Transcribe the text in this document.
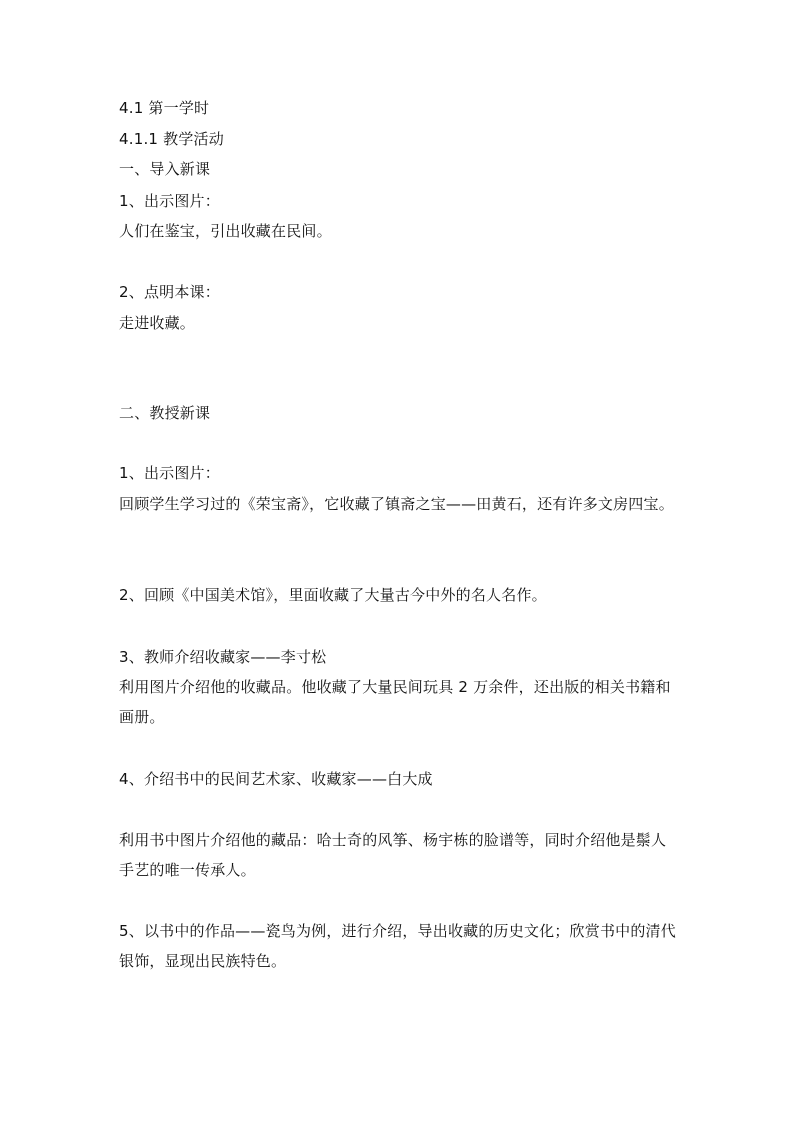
4.1 第一学时
4.1.1 教学活动
一、导入新课
1、出示图片：
人们在鉴宝，引出收藏在民间。
2、点明本课：
走进收藏。
二、教授新课
1、出示图片：
回顾学生学习过的《荣宝斋》，它收藏了镇斋之宝——田黄石，还有许多文房四宝。
2、回顾《中国美术馆》，里面收藏了大量古今中外的名人名作。
3、教师介绍收藏家——李寸松
利用图片介绍他的收藏品。他收藏了大量民间玩具 2 万余件，还出版的相关书籍和画册。
4、介绍书中的民间艺术家、收藏家——白大成
利用书中图片介绍他的藏品：哈士奇的风筝、杨宇栋的脸谱等，同时介绍他是鬃人手艺的唯一传承人。
5、以书中的作品——瓷鸟为例，进行介绍，导出收藏的历史文化；欣赏书中的清代银饰，显现出民族特色。
